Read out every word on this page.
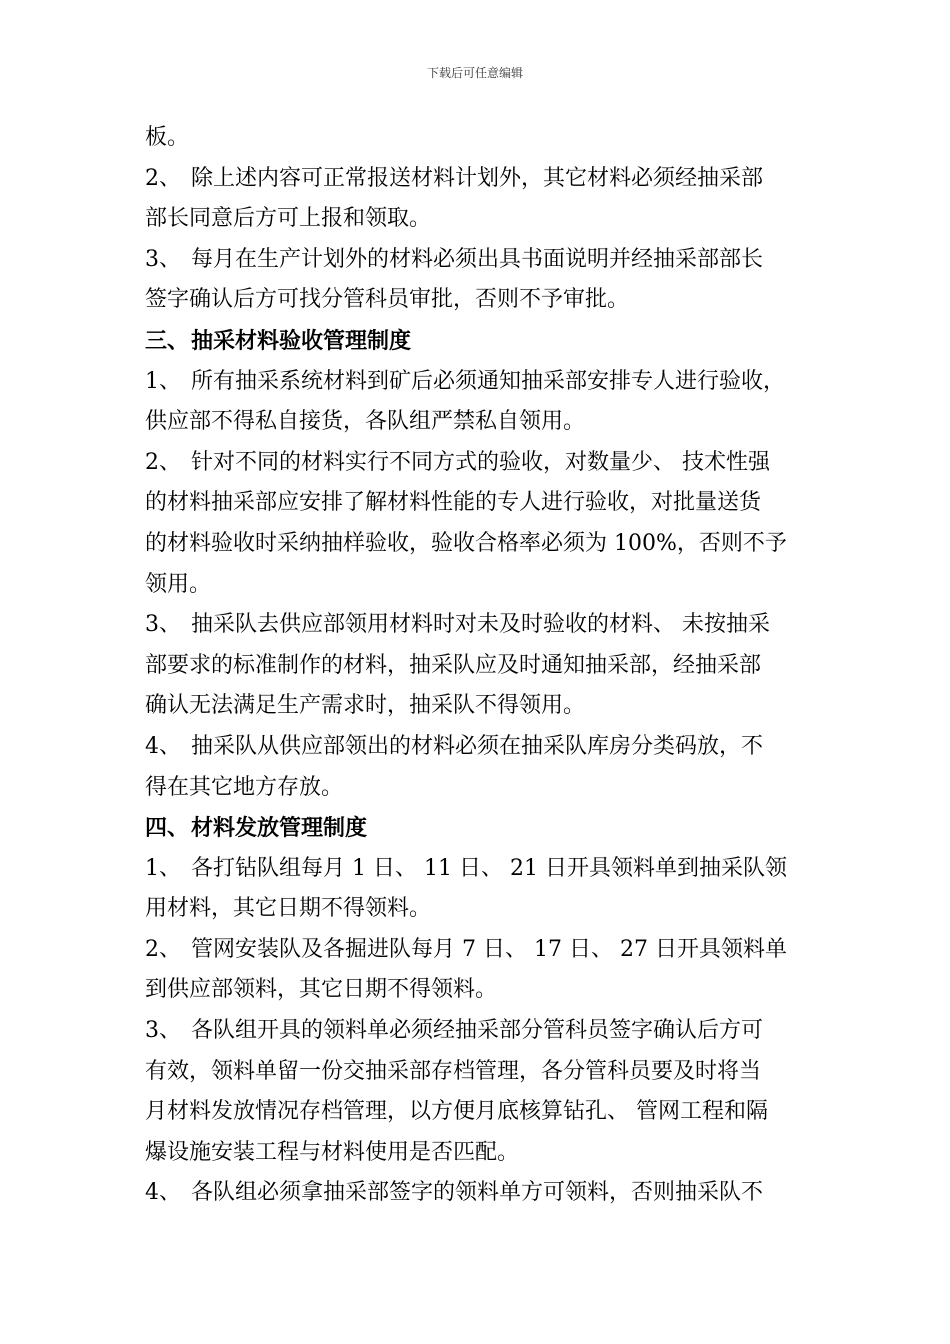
下载后可任意编辑
板。
2、 除上述内容可正常报送材料计划外，其它材料必须经抽采部
部长同意后方可上报和领取。
3、 每月在生产计划外的材料必须出具书面说明并经抽采部部长
签字确认后方可找分管科员审批，否则不予审批。
三、抽采材料验收管理制度
1、 所有抽采系统材料到矿后必须通知抽采部安排专人进行验收，
供应部不得私自接货，各队组严禁私自领用。
2、 针对不同的材料实行不同方式的验收，对数量少、 技术性强
的材料抽采部应安排了解材料性能的专人进行验收，对批量送货
的材料验收时采纳抽样验收，验收合格率必须为 100%，否则不予
领用。
3、 抽采队去供应部领用材料时对未及时验收的材料、 未按抽采
部要求的标准制作的材料，抽采队应及时通知抽采部，经抽采部
确认无法满足生产需求时，抽采队不得领用。
4、 抽采队从供应部领出的材料必须在抽采队库房分类码放，不
得在其它地方存放。
四、材料发放管理制度
1、 各打钻队组每月 1 日、 11 日、 21 日开具领料单到抽采队领
用材料，其它日期不得领料。
2、 管网安装队及各掘进队每月 7 日、 17 日、 27 日开具领料单
到供应部领料，其它日期不得领料。
3、 各队组开具的领料单必须经抽采部分管科员签字确认后方可
有效，领料单留一份交抽采部存档管理，各分管科员要及时将当
月材料发放情况存档管理，以方便月底核算钻孔、 管网工程和隔
爆设施安装工程与材料使用是否匹配。
4、 各队组必须拿抽采部签字的领料单方可领料，否则抽采队不
